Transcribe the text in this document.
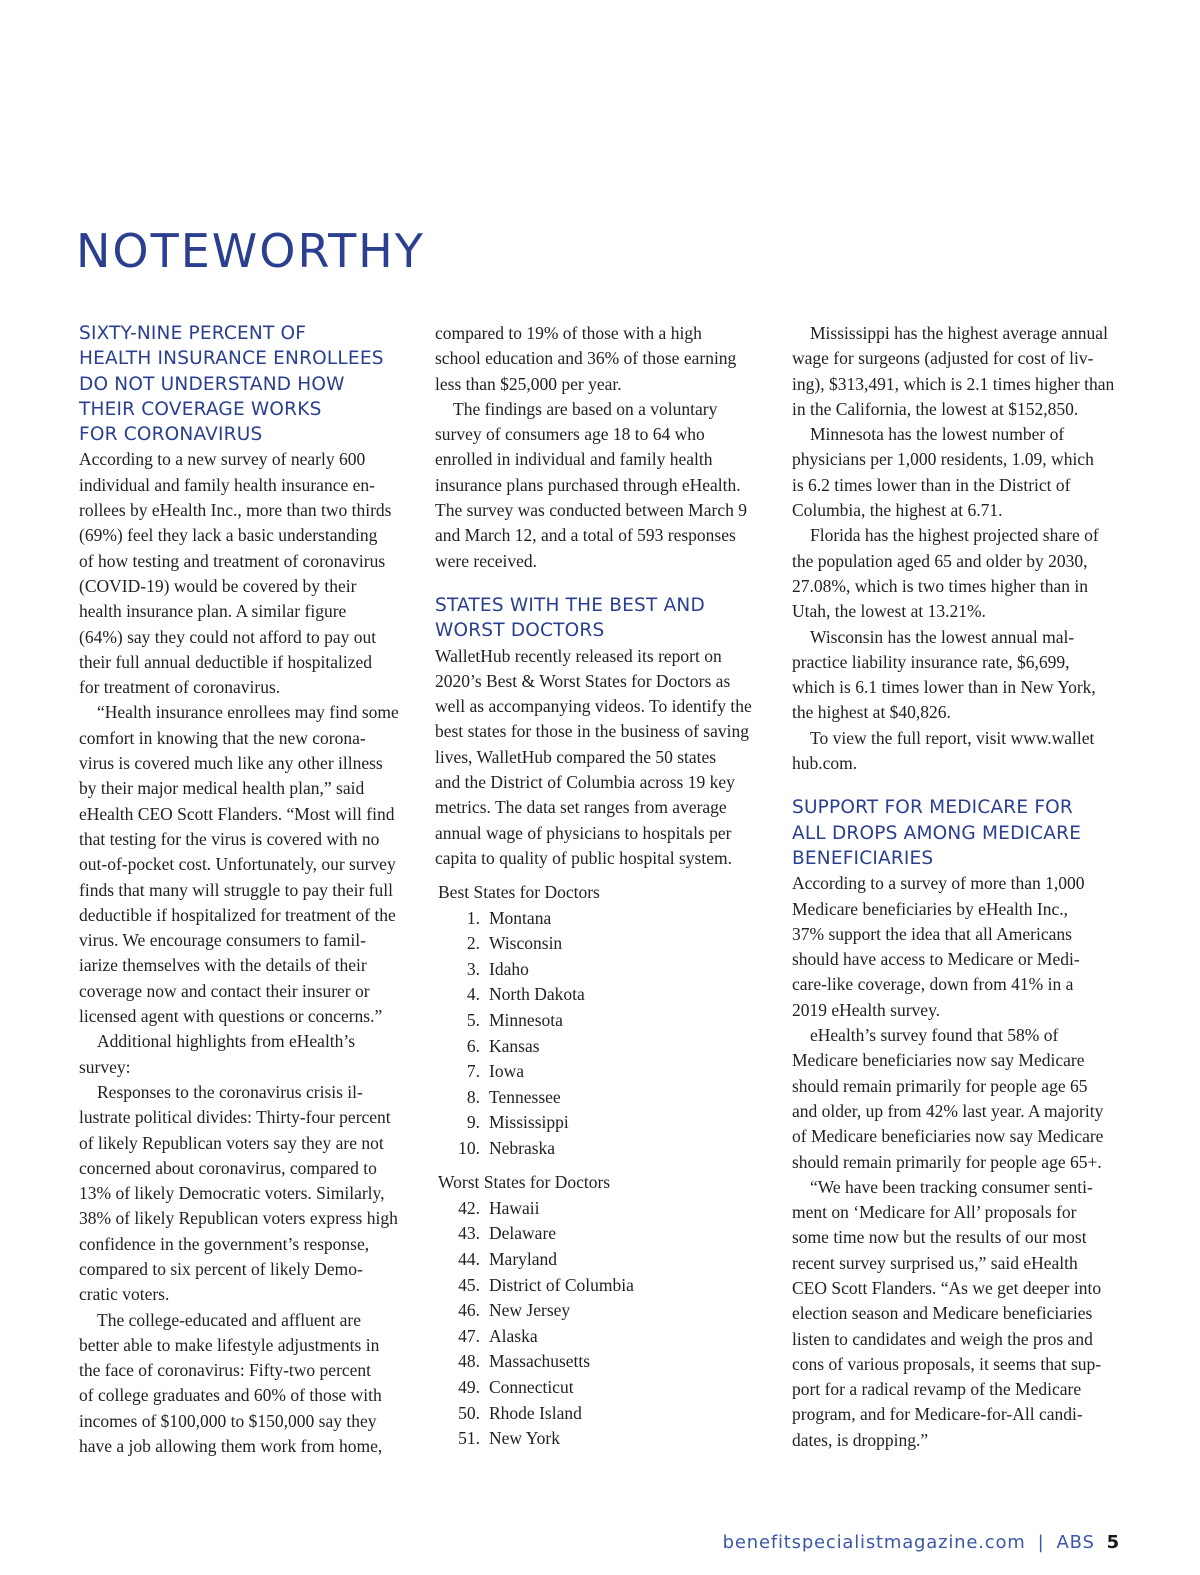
NOTEWORTHY
SIXTY-NINE PERCENT OF
HEALTH INSURANCE ENROLLEES
DO NOT UNDERSTAND HOW
THEIR COVERAGE WORKS
FOR CORONAVIRUS
According to a new survey of nearly 600
individual and family health insurance en-
rollees by eHealth Inc., more than two thirds
(69%) feel they lack a basic understanding
of how testing and treatment of coronavirus
(COVID-19) would be covered by their
health insurance plan. A similar figure
(64%) say they could not afford to pay out
their full annual deductible if hospitalized
for treatment of coronavirus.
“Health insurance enrollees may find some
comfort in knowing that the new corona-
virus is covered much like any other illness
by their major medical health plan,” said
eHealth CEO Scott Flanders. “Most will find
that testing for the virus is covered with no
out-of-pocket cost. Unfortunately, our survey
finds that many will struggle to pay their full
deductible if hospitalized for treatment of the
virus. We encourage consumers to famil-
iarize themselves with the details of their
coverage now and contact their insurer or
licensed agent with questions or concerns.”
Additional highlights from eHealth’s
survey:
Responses to the coronavirus crisis il-
lustrate political divides: Thirty-four percent
of likely Republican voters say they are not
concerned about coronavirus, compared to
13% of likely Democratic voters. Similarly,
38% of likely Republican voters express high
confidence in the government’s response,
compared to six percent of likely Demo-
cratic voters.
The college-educated and affluent are
better able to make lifestyle adjustments in
the face of coronavirus: Fifty-two percent
of college graduates and 60% of those with
incomes of $100,000 to $150,000 say they
have a job allowing them work from home,
compared to 19% of those with a high
school education and 36% of those earning
less than $25,000 per year.
The findings are based on a voluntary
survey of consumers age 18 to 64 who
enrolled in individual and family health
insurance plans purchased through eHealth.
The survey was conducted between March 9
and March 12, and a total of 593 responses
were received.
STATES WITH THE BEST AND
WORST DOCTORS
WalletHub recently released its report on
2020’s Best & Worst States for Doctors as
well as accompanying videos. To identify the
best states for those in the business of saving
lives, WalletHub compared the 50 states
and the District of Columbia across 19 key
metrics. The data set ranges from average
annual wage of physicians to hospitals per
capita to quality of public hospital system.
Best States for Doctors
1. Montana
2. Wisconsin
3. Idaho
4. North Dakota
5. Minnesota
6. Kansas
7. Iowa
8. Tennessee
9. Mississippi
10. Nebraska
Worst States for Doctors
42. Hawaii
43. Delaware
44. Maryland
45. District of Columbia
46. New Jersey
47. Alaska
48. Massachusetts
49. Connecticut
50. Rhode Island
51. New York
Mississippi has the highest average annual
wage for surgeons (adjusted for cost of liv-
ing), $313,491, which is 2.1 times higher than
in the California, the lowest at $152,850.
Minnesota has the lowest number of
physicians per 1,000 residents, 1.09, which
is 6.2 times lower than in the District of
Columbia, the highest at 6.71.
Florida has the highest projected share of
the population aged 65 and older by 2030,
27.08%, which is two times higher than in
Utah, the lowest at 13.21%.
Wisconsin has the lowest annual mal-
practice liability insurance rate, $6,699,
which is 6.1 times lower than in New York,
the highest at $40,826.
To view the full report, visit www.wallet
hub.com.
SUPPORT FOR MEDICARE FOR
ALL DROPS AMONG MEDICARE
BENEFICIARIES
According to a survey of more than 1,000
Medicare beneficiaries by eHealth Inc.,
37% support the idea that all Americans
should have access to Medicare or Medi-
care-like coverage, down from 41% in a
2019 eHealth survey.
eHealth’s survey found that 58% of
Medicare beneficiaries now say Medicare
should remain primarily for people age 65
and older, up from 42% last year. A majority
of Medicare beneficiaries now say Medicare
should remain primarily for people age 65+.
“We have been tracking consumer senti-
ment on ‘Medicare for All’ proposals for
some time now but the results of our most
recent survey surprised us,” said eHealth
CEO Scott Flanders. “As we get deeper into
election season and Medicare beneficiaries
listen to candidates and weigh the pros and
cons of various proposals, it seems that sup-
port for a radical revamp of the Medicare
program, and for Medicare-for-All candi-
dates, is dropping.”
benefitspecialistmagazine.com | ABS 5
